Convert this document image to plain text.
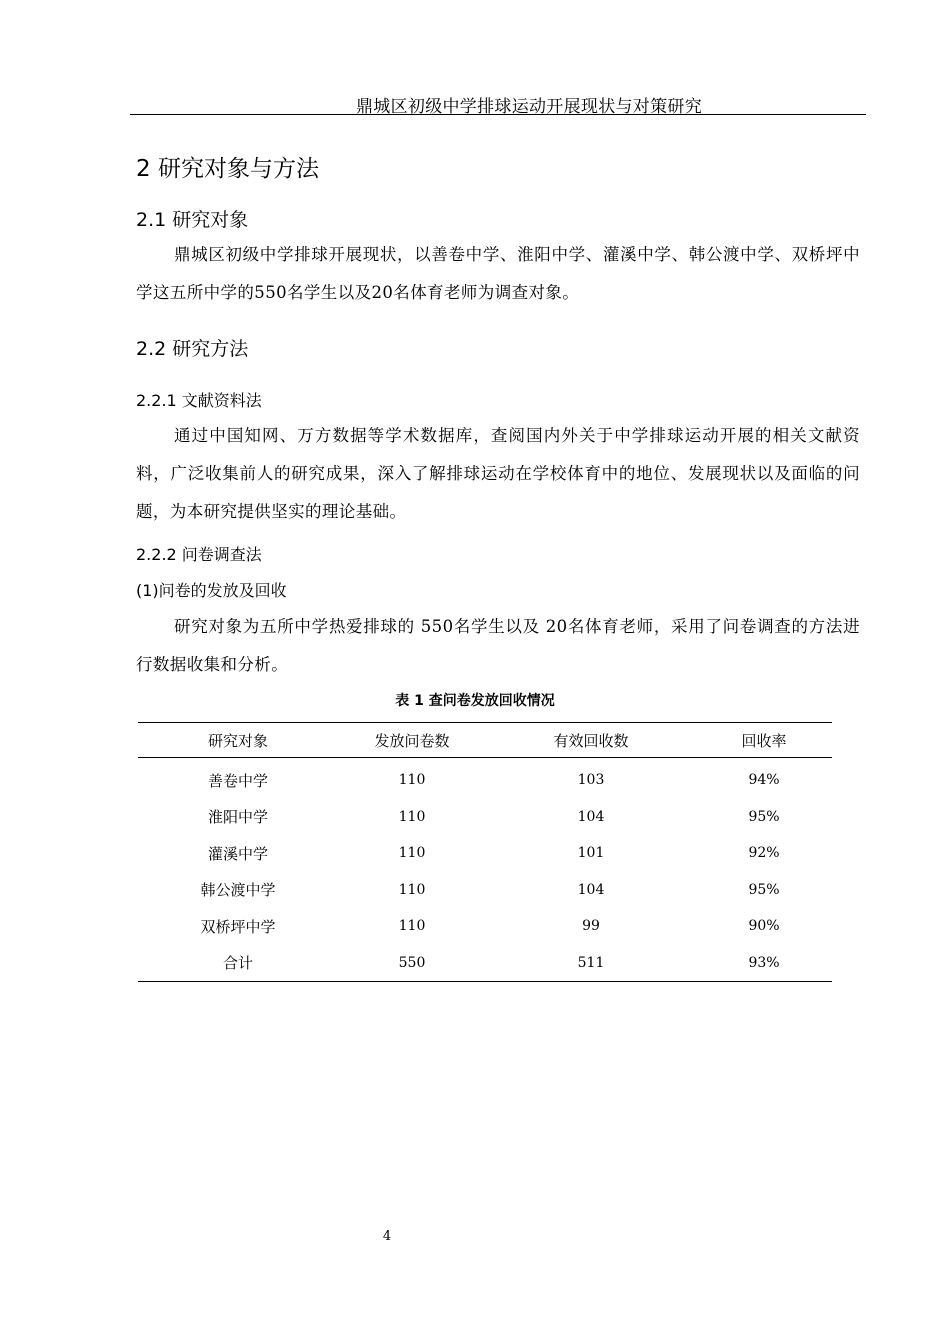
鼎城区初级中学排球运动开展现状与对策研究
2 研究对象与方法
2.1 研究对象

鼎城区初级中学排球开展现状，以善卷中学、淮阳中学、灌溪中学、韩公渡中学、双桥坪中学这五所中学的550名学生以及20名体育老师为调查对象。

2.2 研究方法
2.2.1 文献资料法

通过中国知网、万方数据等学术数据库，查阅国内外关于中学排球运动开展的相关文献资料，广泛收集前人的研究成果，深入了解排球运动在学校体育中的地位、发展现状以及面临的问题，为本研究提供坚实的理论基础。

2.2.2 问卷调查法
(1)问卷的发放及回收

研究对象为五所中学热爱排球的 550名学生以及 20名体育老师，采用了问卷调查的方法进行数据收集和分析。

表 1 查问卷发放回收情况
研究对象	发放问卷数	有效回收数	回收率
善卷中学	110	103	94%
淮阳中学	110	104	95%
灌溪中学	110	101	92%
韩公渡中学	110	104	95%
双桥坪中学	110	99	90%
合计	550	511	93%
4
